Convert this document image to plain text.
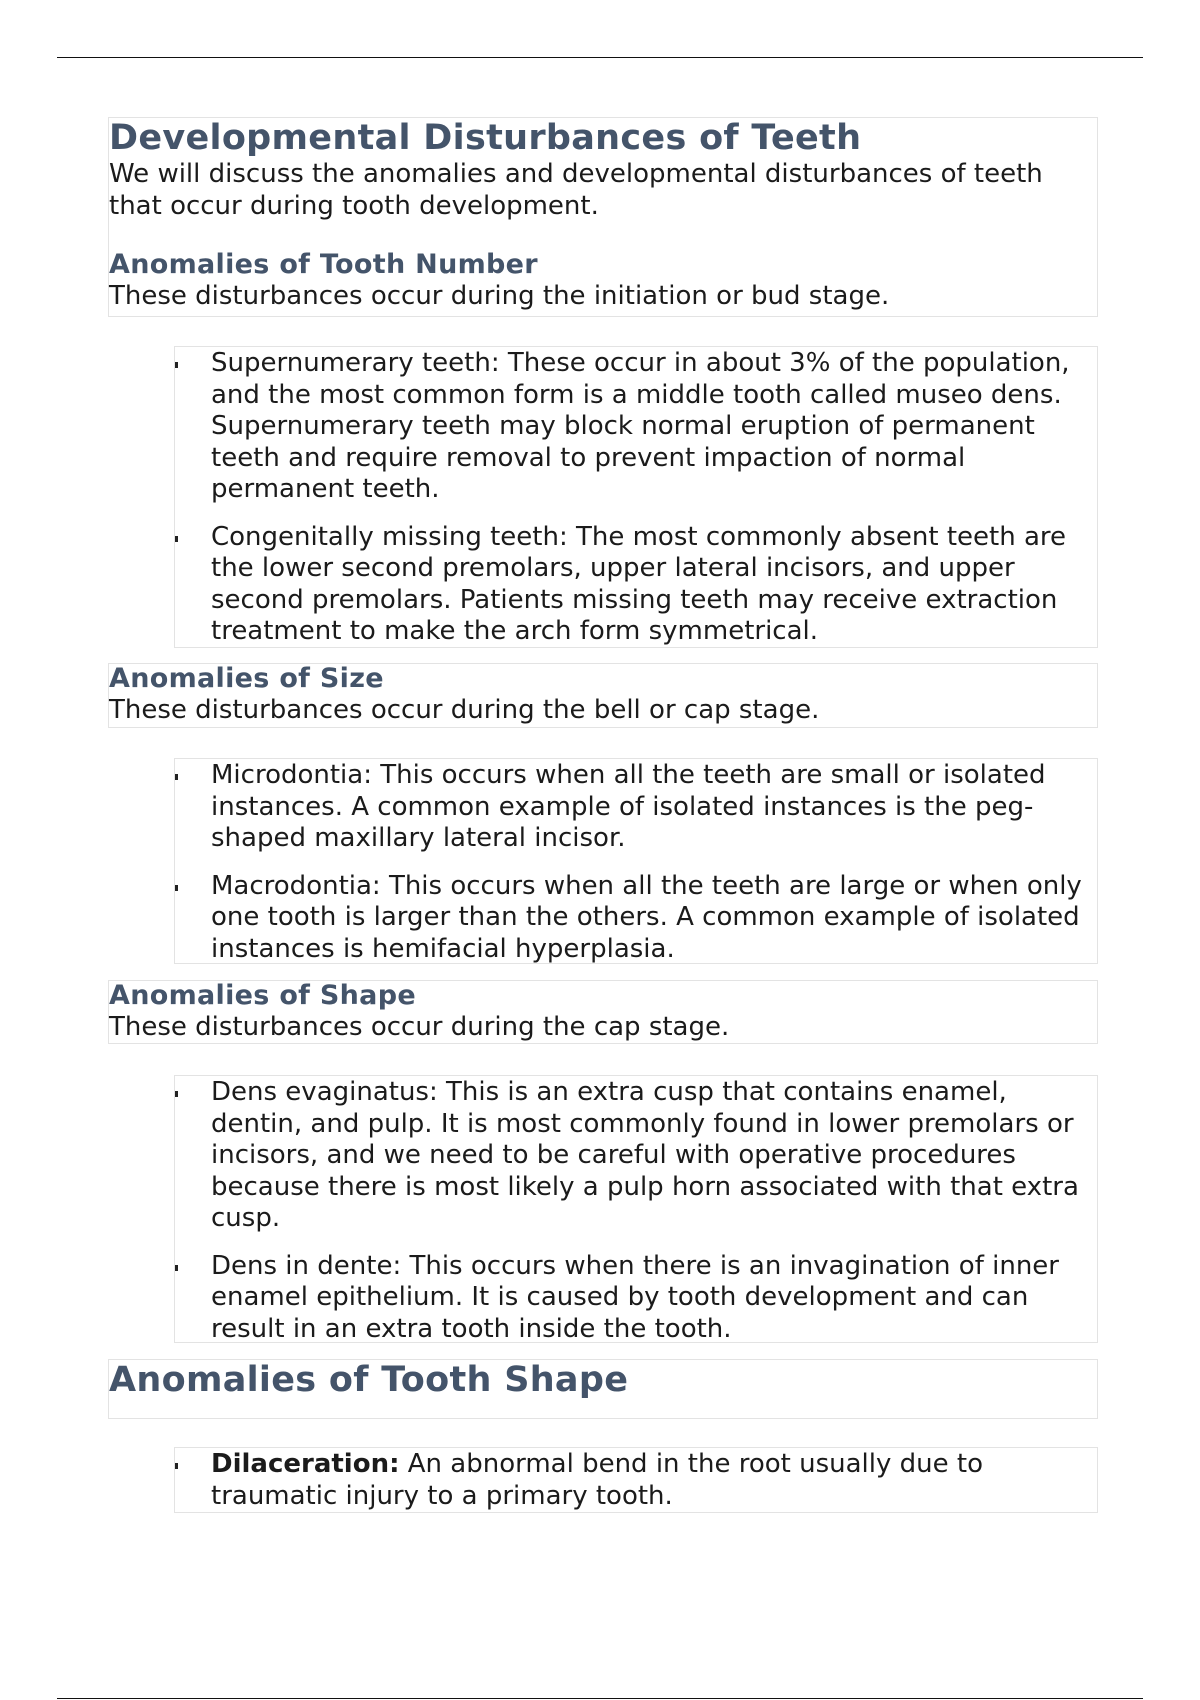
Developmental Disturbances of Teeth

We will discuss the anomalies and developmental disturbances of teeth that occur during tooth development.

Anomalies of Tooth Number

These disturbances occur during the initiation or bud stage.

Supernumerary teeth: These occur in about 3% of the population, and the most common form is a middle tooth called museo dens. Supernumerary teeth may block normal eruption of permanent teeth and require removal to prevent impaction of normal permanent teeth.
Congenitally missing teeth: The most commonly absent teeth are the lower second premolars, upper lateral incisors, and upper second premolars. Patients missing teeth may receive extraction treatment to make the arch form symmetrical.
Anomalies of Size

These disturbances occur during the bell or cap stage.

Microdontia: This occurs when all the teeth are small or isolated instances. A common example of isolated instances is the peg-shaped maxillary lateral incisor.
Macrodontia: This occurs when all the teeth are large or when only one tooth is larger than the others. A common example of isolated instances is hemifacial hyperplasia.
Anomalies of Shape

These disturbances occur during the cap stage.

Dens evaginatus: This is an extra cusp that contains enamel, dentin, and pulp. It is most commonly found in lower premolars or incisors, and we need to be careful with operative procedures because there is most likely a pulp horn associated with that extra cusp.
Dens in dente: This occurs when there is an invagination of inner enamel epithelium. It is caused by tooth development and can result in an extra tooth inside the tooth.
Anomalies of Tooth Shape
Dilaceration: An abnormal bend in the root usually due to traumatic injury to a primary tooth.
